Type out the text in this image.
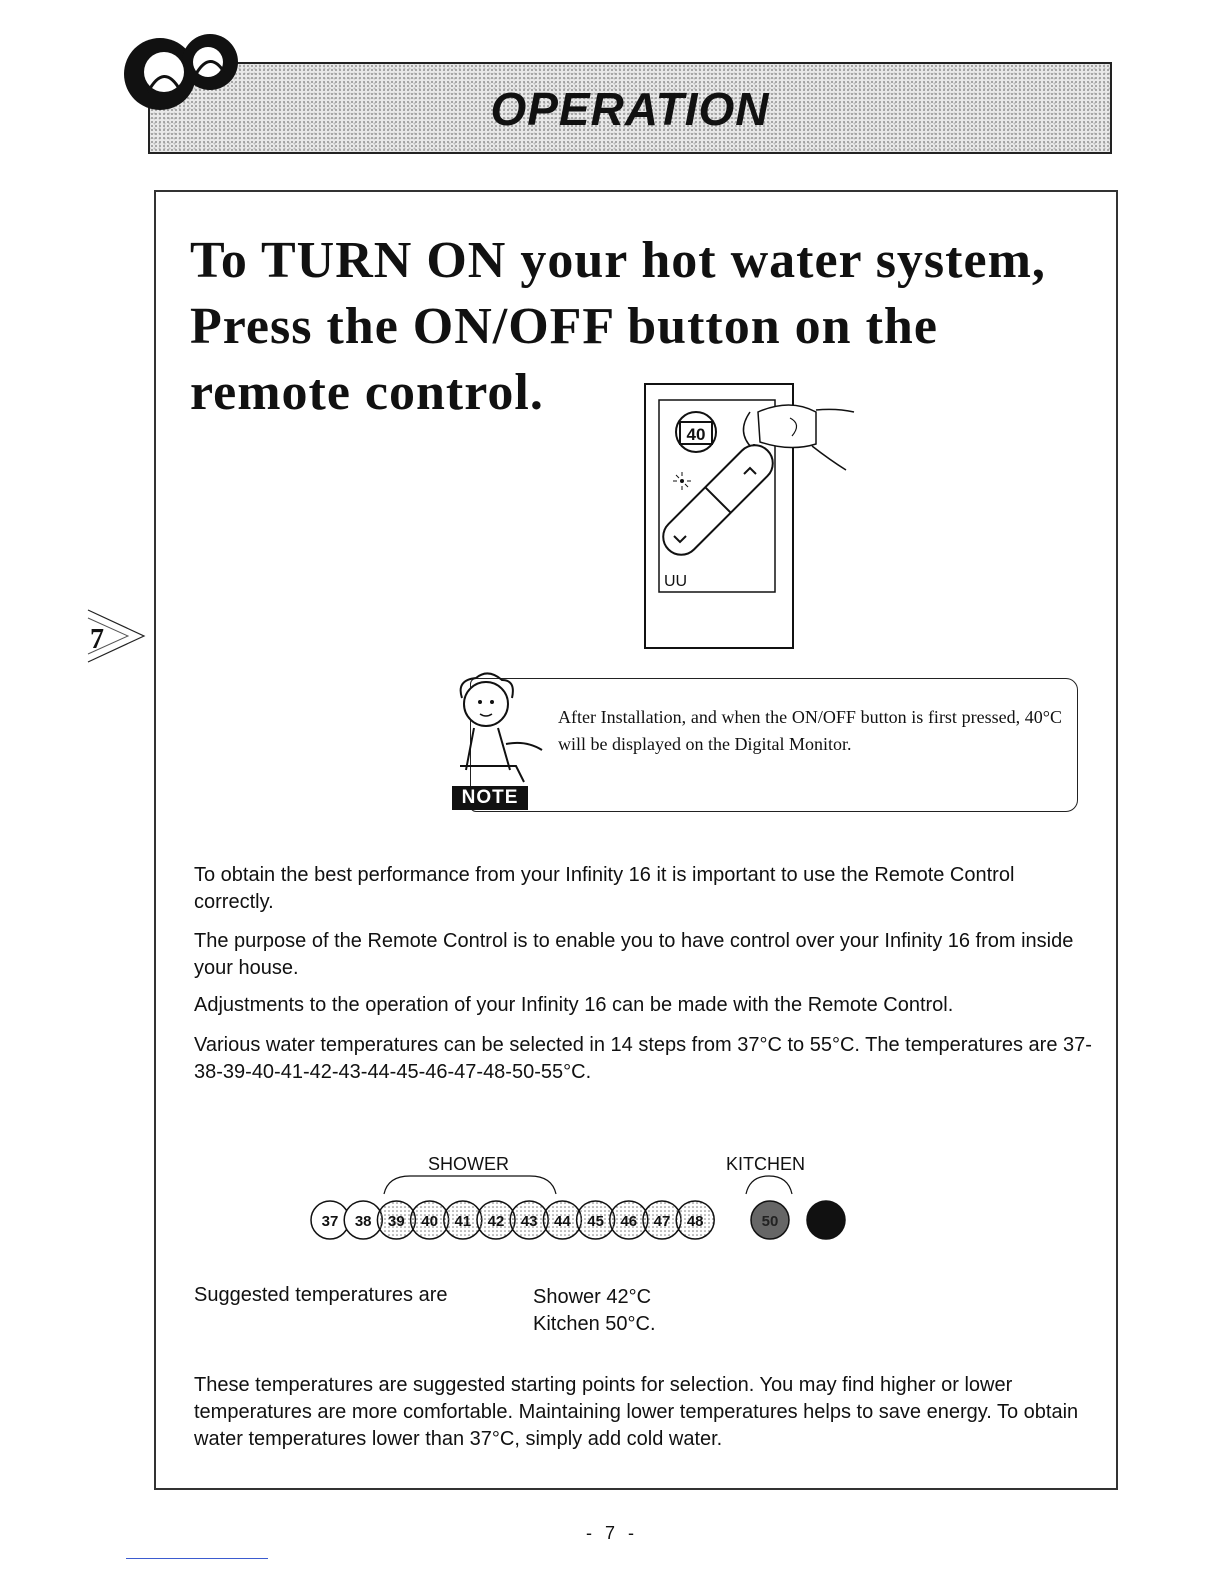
OPERATION
To TURN ON your hot water system,
Press the ON/OFF button on the
remote control.
40
UU
7
NOTE
After Installation, and when the ON/OFF button is first pressed, 40°C will be displayed on the Digital Monitor.

To obtain the best performance from your Infinity 16 it is important to use the Remote Control correctly.

The purpose of the Remote Control is to enable you to have control over your Infinity 16 from inside your house.

Adjustments to the operation of your Infinity 16 can be made with the Remote Control.

Various water temperatures can be selected in 14 steps from 37°C to 55°C. The temperatures are 37-38-39-40-41-42-43-44-45-46-47-48-50-55°C.

SHOWER	KITCHEN
37 38 39 40 41 42 43 44 45 46 47 48	50
Suggested temperatures are	Shower 42°C
Kitchen 50°C.

These temperatures are suggested starting points for selection. You may find higher or lower temperatures are more comfortable. Maintaining lower temperatures helps to save energy. To obtain water temperatures lower than 37°C, simply add cold water.

- 7 -
